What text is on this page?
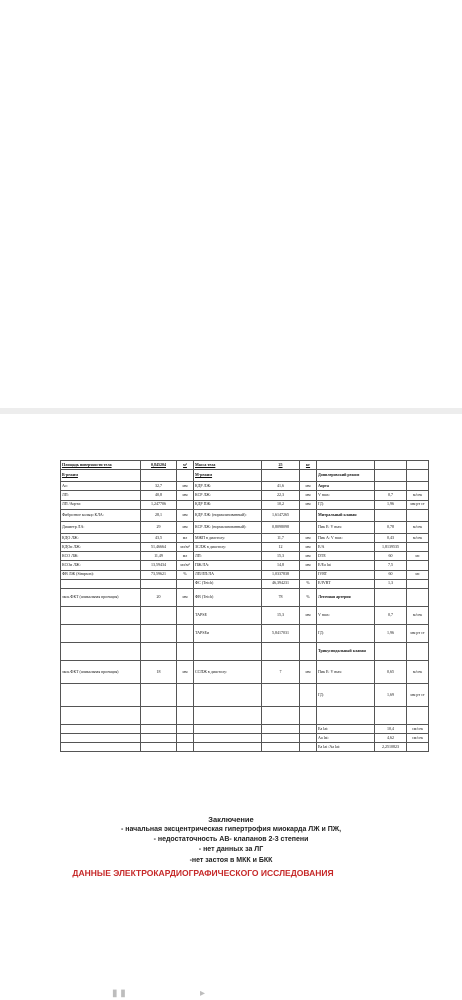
Площадь поверхности тела	0,845204	м²	Масса тела	25	кг			
В-режим			М-режим			Допплеровский режим		
Ао:	32,7	мм	КДР ЛЖ:	41,6	мм	Аорта		
ЛП:	40,8	мм	КСР ЛЖ:	22,3	мм	V max:	0,7	м/сек
ЛП /Аорта:	1,247706		КДР ПЖ:	10,2	мм	ГД:	1,96	мм рт ст
Фиброзное кольцо КЛА:	28,1	мм	КДР ЛЖ: (нормализованный):	1,6147265		Митральный клапан		
Диаметр ЛА:	29	мм	КСР ЛЖ: (нормализованный):	0,8098098		Пик E: V max:	0,78	м/сек
КДО ЛЖ:	43,5	мл	МЖП в диастолу:	11,7	мм	Пик A: V max:	0,43	м/сек
КДОи ЛЖ:	51,46664	мл/м²	ЗСЛЖ в диастолу:	12	мм	E/A	1,8139535	
КСО ЛЖ:	11,49	мл	ЛП:	15,3	мм	DTE	60	мс
КСОи ЛЖ:	13,59434	мл/м²	ПЖ/ЛА:	14,8	мм	E/Ea lat	7,5	
ФВ ЛЖ (Simpson):	73,59621	%	ЛП/ЛП/ЛА	1,0337838		IVRT	60	мс
			ФС (Teich)	46,394231	%	E/IVRT	1,3	
экск.ФКТ (апикальная проекция)	20	мм	ФВ (Teich)	78	%	Легочная артерия		
			TAPSE	15,3	мм	V max:	0,7	м/сек
			TAPSEи	5,8417031		ГД:	1,96	мм рт ст
						Трикуспидальный клапан		
экск.ФКТ (апикальная проекция)	18	мм	ССПЖ в диастолу:	7	мм	Пик E: V max:	0,65	м/сек
						ГД:	1,69	мм рт ст

						Ea lat:	10,4	см/сек
						Aa lat:	4,62	см/сек
						Ea lat /Aa lat:	2,2510823	
Заключение
- начальная эксцентрическая гипертрофия миокарда ЛЖ и ПЖ,
- недостаточность АВ- клапанов 2-3 степени
- нет данных за ЛГ
-нет застоя в МКК и БКК
ДАННЫЕ ЭЛЕКТРОКАРДИОГРАФИЧЕСКОГО ИССЛЕДОВАНИЯ
▮ ▮	▸
